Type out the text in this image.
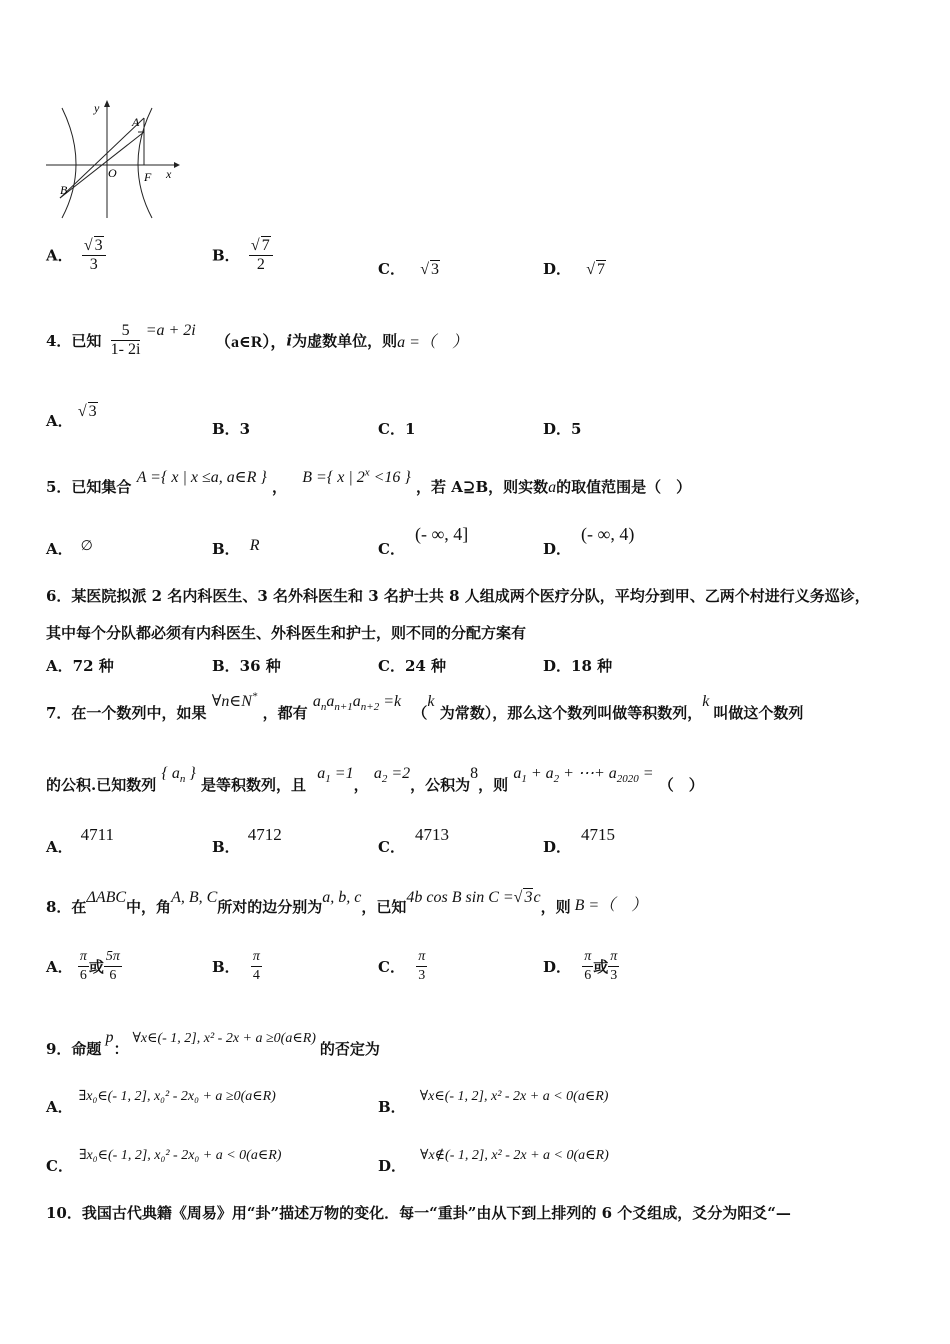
y
A
B
O F x
A． $\frac{√ 3}{3}$	B． $\frac{√ 7}{2}$	C． √ 3	D． √ 7
4．已知 $\frac{5}{1- 2i} =a + 2i$ （a∈R），i为虚数单位，则a =（　）
A． √ 3
B．3	C．1	D．5
5．已知集合 A ={ x | x ≤a, a∈R } ， B ={ x | $2^x <16$ } ，若 A⊇B，则实数a的取值范围是（　）
A． ∅	B． R	C．(- ∞, 4]
D．(- ∞, 4)
6．某医院拟派 2 名内科医生、3 名外科医生和 3 名护士共 8 人组成两个医疗分队，平均分到甲、乙两个村进行义务巡诊，
其中每个分队都必须有内科医生、外科医生和护士，则不同的分配方案有
A．72 种	B．36 种	C．24 种	D．18 种
7．在一个数列中，如果 ∀n∈N* ，都有 $a_na_{n+1}a_{n+2} =k$ （k 为常数），那么这个数列叫做等积数列，k叫做这个数列
的公积.已知数列 { $a_n$ } 是等积数列，且 $a_1 =1$， $a_2 =2$，公积为8，则 $a_1 + a_2$ + ⋯+ $a_{2020}$ = （　）
A．4711
B．4712
C．4713
D．4715
8．在ΔABC中，角A, B, C所对的边分别为a, b, c，已知4b cos B sin C =√ 3c，则 B =（　）
A． $\frac{\pi}{6}$ 或 $\frac{5\pi}{6}$	B． $\frac{\pi}{4}$	C． $\frac{\pi}{3}$	D． $\frac{\pi}{6}$ 或 $\frac{\pi}{3}$
9．命题p：∀x∈(- 1, 2], x² - 2x + a ≥0(a∈R)的否定为
A．∃x₀∈(- 1, 2], x₀² - 2x₀ + a ≥0(a∈R)
B．∀x∈(- 1, 2], x² - 2x + a < 0(a∈R)
C．∃x₀∈(- 1, 2], x₀² - 2x₀ + a < 0(a∈R)
D．∀x∉(- 1, 2], x² - 2x + a < 0(a∈R)
10．我国古代典籍《周易》用“卦”描述万物的变化．每一“重卦”由从下到上排列的 6 个爻组成，爻分为阳爻“—
